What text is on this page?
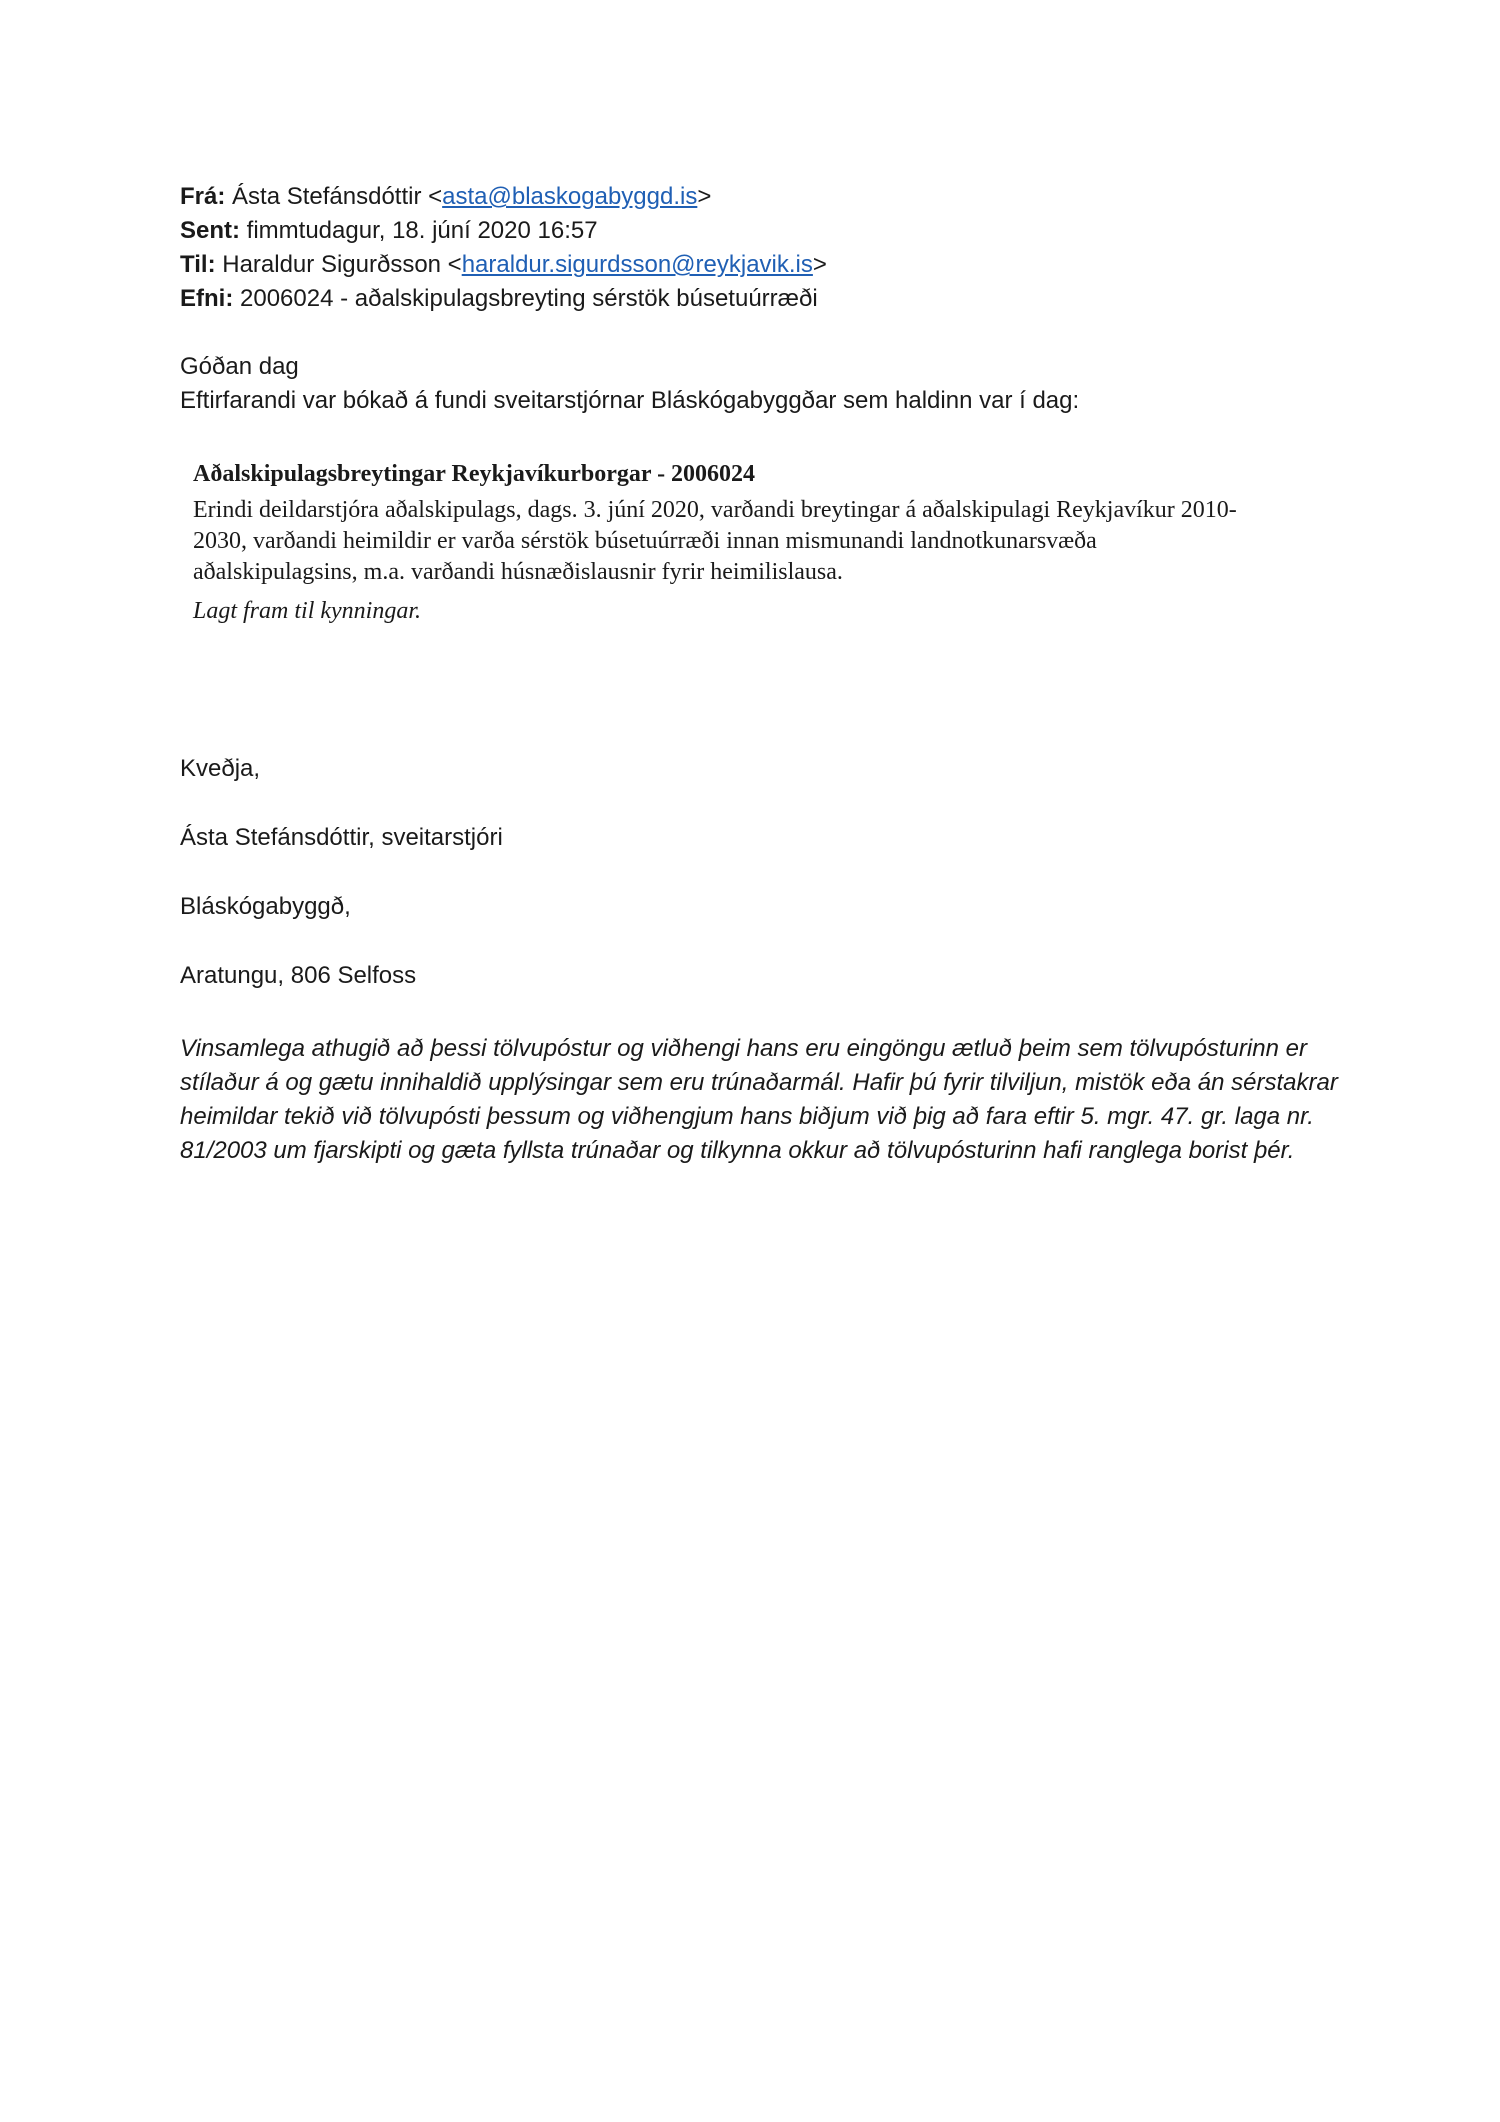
Frá: Ásta Stefánsdóttir <asta@blaskogabyggd.is>
Sent: fimmtudagur, 18. júní 2020 16:57
Til: Haraldur Sigurðsson <haraldur.sigurdsson@reykjavik.is>
Efni: 2006024 - aðalskipulagsbreyting sérstök búsetuúrræði
Góðan dag
Eftirfarandi var bókað á fundi sveitarstjórnar Bláskógabyggðar sem haldinn var í dag:
Aðalskipulagsbreytingar Reykjavíkurborgar - 2006024

Erindi deildarstjóra aðalskipulags, dags. 3. júní 2020, varðandi breytingar á aðalskipulagi Reykjavíkur 2010-2030, varðandi heimildir er varða sérstök búsetuúrræði innan mismunandi landnotkunarsvæða aðalskipulagsins, m.a. varðandi húsnæðislausnir fyrir heimilislausa.

Lagt fram til kynningar.
Kveðja,
Ásta Stefánsdóttir, sveitarstjóri
Bláskógabyggð,
Aratungu, 806 Selfoss
Vinsamlega athugið að þessi tölvupóstur og viðhengi hans eru eingöngu ætluð þeim sem tölvupósturinn er stílaður á og gætu innihaldið upplýsingar sem eru trúnaðarmál. Hafir þú fyrir tilviljun, mistök eða án sérstakrar heimildar tekið við tölvupósti þessum og viðhengjum hans biðjum við þig að fara eftir 5. mgr. 47. gr. laga nr. 81/2003 um fjarskipti og gæta fyllsta trúnaðar og tilkynna okkur að tölvupósturinn hafi ranglega borist þér.
